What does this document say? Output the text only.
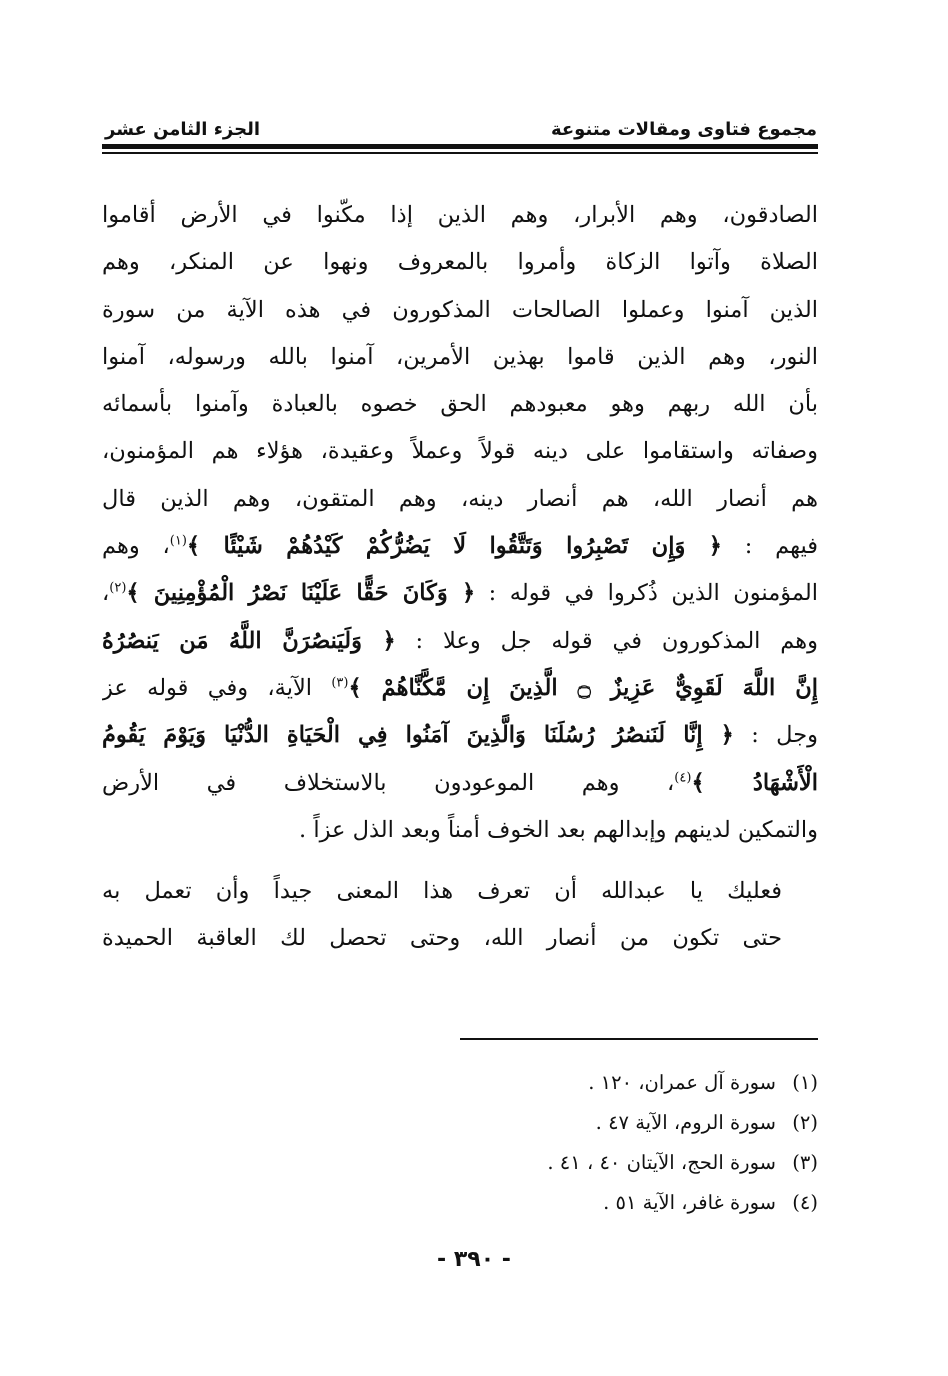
مجموع فتاوى ومقالات متنوعة
الجزء الثامن عشر

الصادقون، وهم الأبرار، وهم الذين إذا مكّنوا في الأرض أقاموا
الصلاة وآتوا الزكاة وأمروا بالمعروف ونهوا عن المنكر، وهم
الذين آمنوا وعملوا الصالحات المذكورون في هذه الآية من سورة
النور، وهم الذين قاموا بهذين الأمرين، آمنوا بالله ورسوله، آمنوا
بأن الله ربهم وهو معبودهم الحق خصوه بالعبادة وآمنوا بأسمائه
وصفاته واستقاموا على دينه قولاً وعملاً وعقيدة، هؤلاء هم المؤمنون،
هم أنصار الله، هم أنصار دينه، وهم المتقون، وهم الذين قال
فيهم : ﴿ وَإِن تَصْبِرُوا وَتَتَّقُوا لَا يَضُرُّكُمْ كَيْدُهُمْ شَيْئًا ﴾$^{(١)}$، وهم
المؤمنون الذين ذُكروا في قوله : ﴿ وَكَانَ حَقًّا عَلَيْنَا نَصْرُ الْمُؤْمِنِينَ ﴾$^{(٢)}$،
وهم المذكورون في قوله جل وعلا : ﴿ وَلَيَنصُرَنَّ اللَّهُ مَن يَنصُرُهُ
إِنَّ اللَّهَ لَقَوِيٌّ عَزِيزٌ ۝ الَّذِينَ إِن مَّكَّنَّاهُمْ ﴾$^{(٣)}$ الآية، وفي قوله عز
وجل : ﴿ إِنَّا لَنَنصُرُ رُسُلَنَا وَالَّذِينَ آمَنُوا فِي الْحَيَاةِ الدُّنْيَا وَيَوْمَ يَقُومُ
الْأَشْهَادُ ﴾$^{(٤)}$، وهم الموعودون بالاستخلاف في الأرض
والتمكين لدينهم وإبدالهم بعد الخوف أمناً وبعد الذل عزاً .

فعليك يا عبدالله أن تعرف هذا المعنى جيداً وأن تعمل به
حتى تكون من أنصار الله، وحتى تحصل لك العاقبة الحميدة

(١)
سورة آل عمران، ١٢٠ .
(٢)
سورة الروم، الآية ٤٧ .
(٣)
سورة الحج، الآيتان ٤٠ ، ٤١ .
(٤)
سورة غافر، الآية ٥١ .
- ٣٩٠ -
